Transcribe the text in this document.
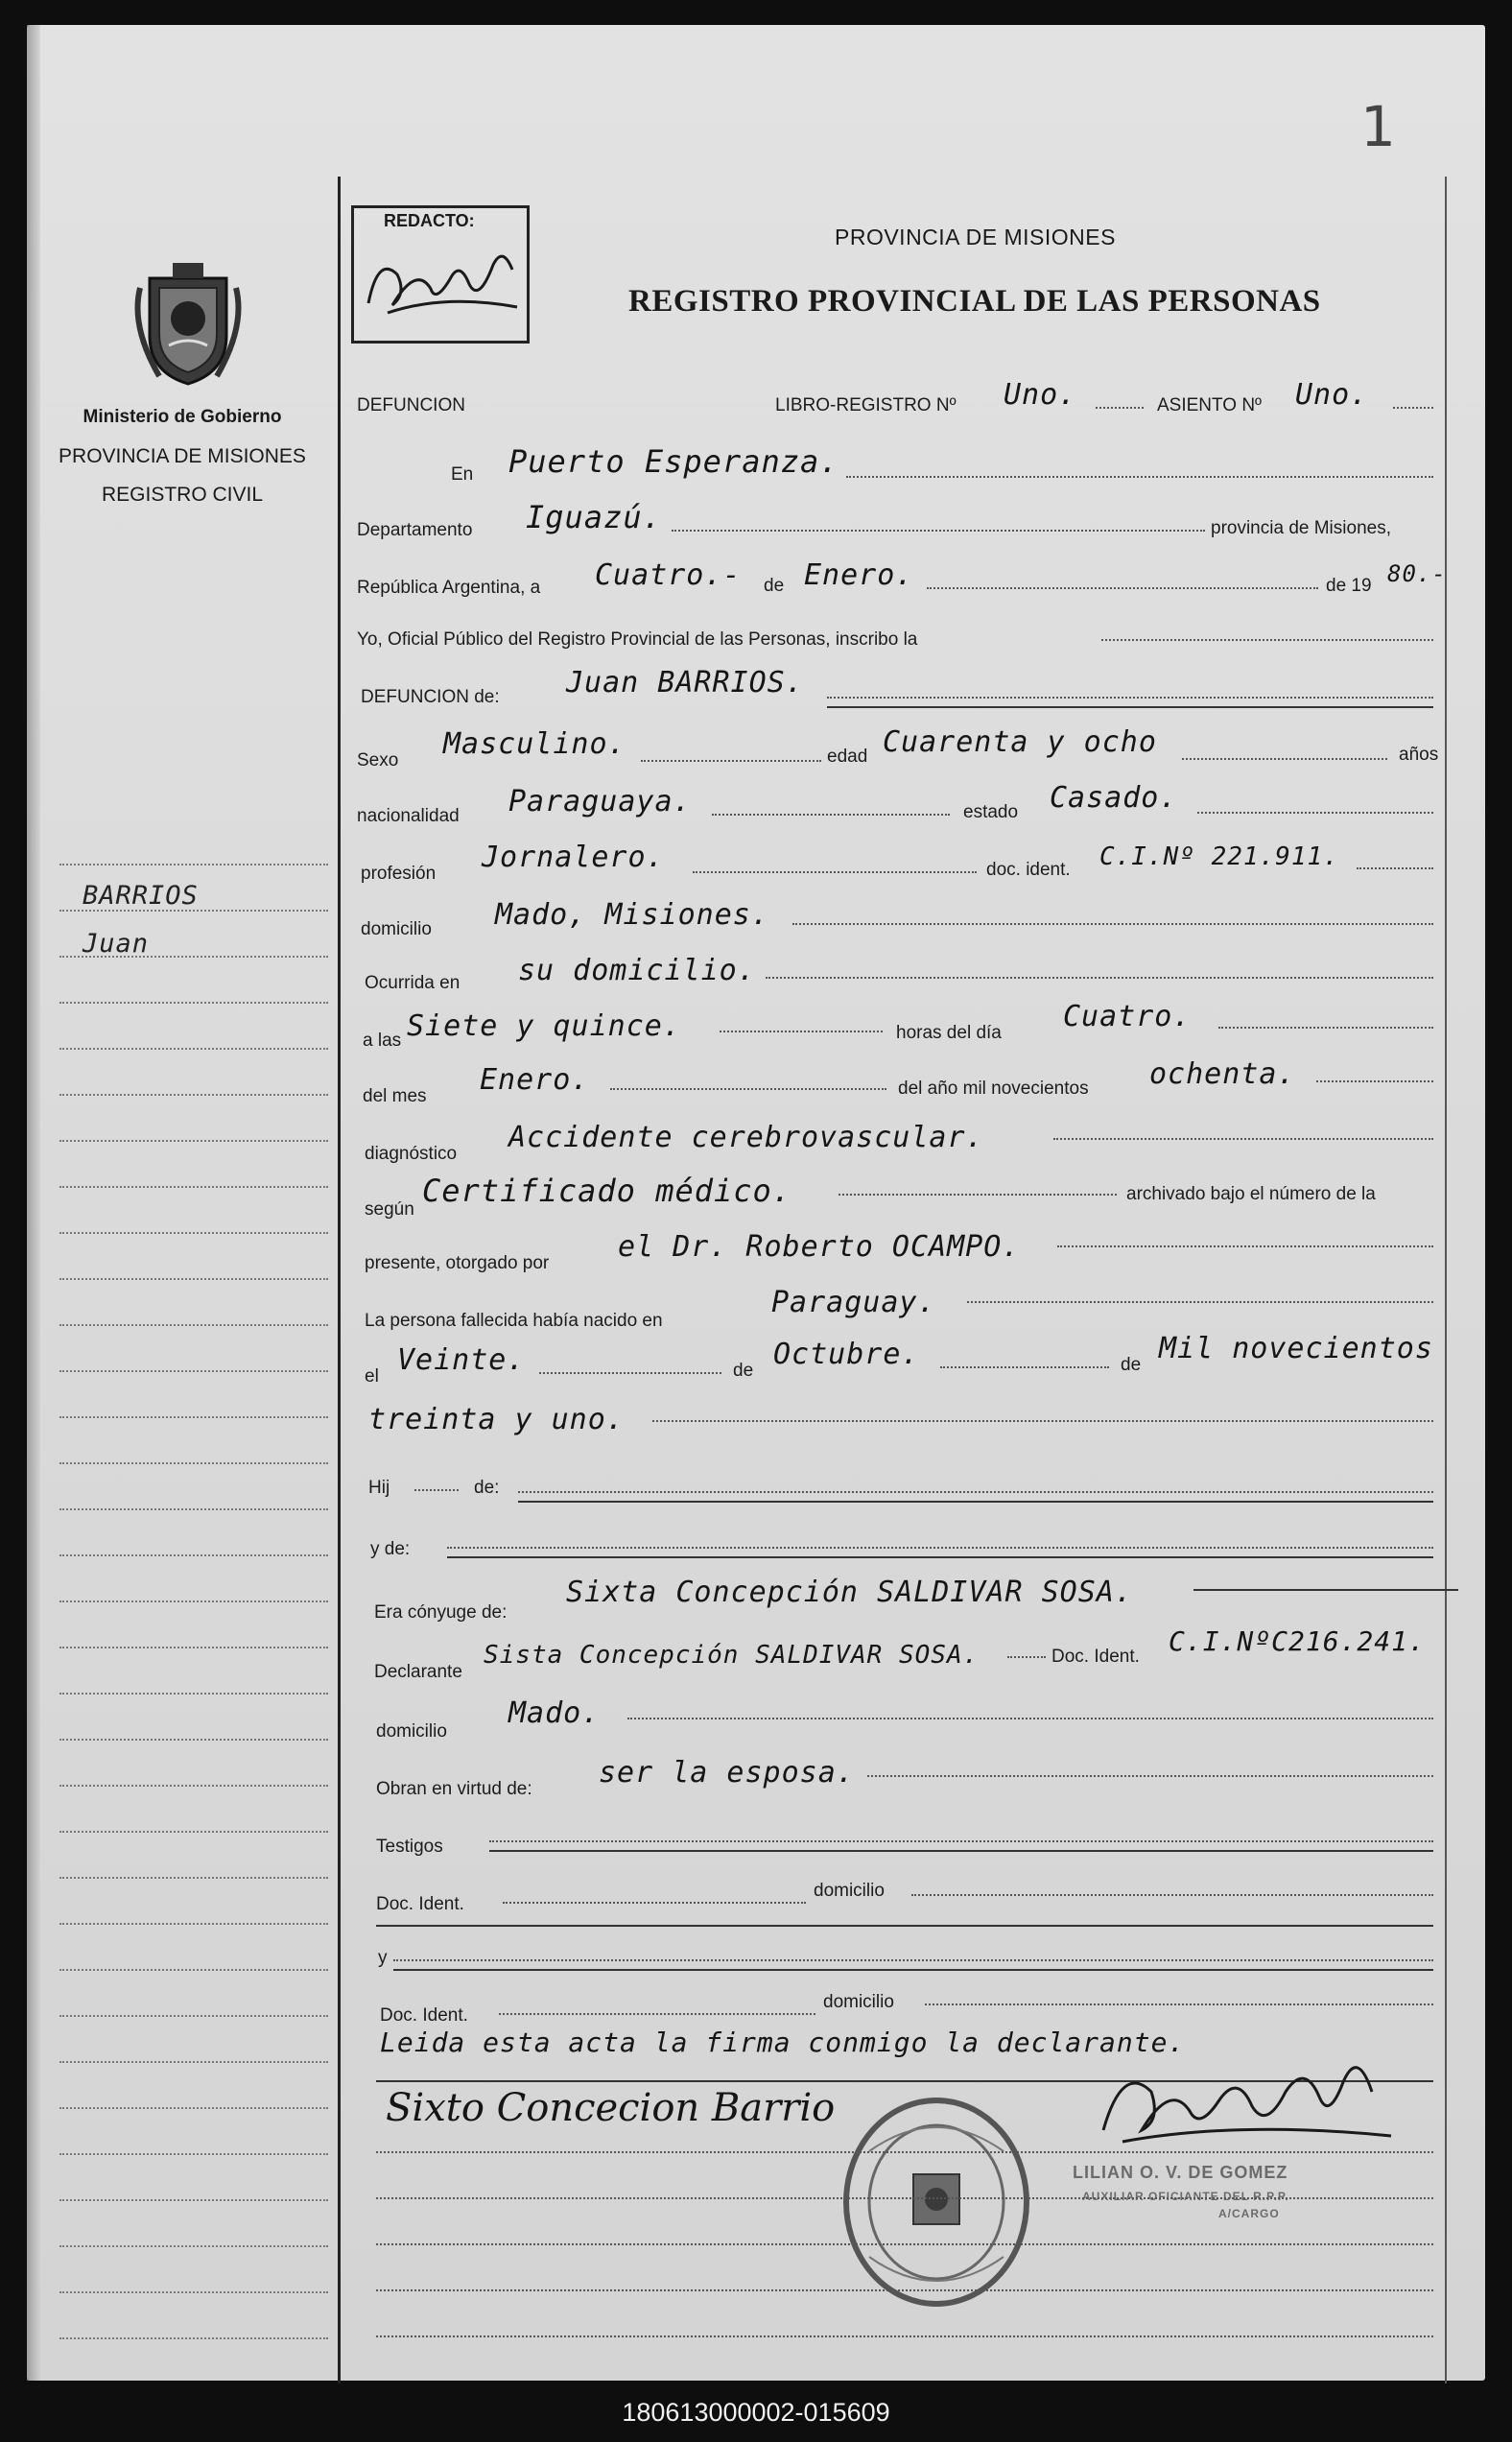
1
Ministerio de Gobierno
PROVINCIA DE MISIONES
REGISTRO CIVIL
BARRIOS
Juan
REDACTO:
PROVINCIA DE MISIONES
REGISTRO PROVINCIAL DE LAS PERSONAS
DEFUNCION	LIBRO-REGISTRO Nº Uno.	ASIENTO Nº Uno.
En Puerto Esperanza.
Departamento Iguazú.	provincia de Misiones,
República Argentina, a Cuatro.- de Enero.	de 19 80.-
Yo, Oficial Público del Registro Provincial de las Personas, inscribo la
DEFUNCION de: Juan BARRIOS.
Sexo Masculino.	edad Cuarenta y ocho	años
nacionalidad Paraguaya.	estado Casado.
profesión Jornalero.	doc. ident. C.I.Nº 221.911.
domicilio Mado, Misiones.
Ocurrida en su domicilio.
a las Siete y quince.	horas del día Cuatro.
del mes Enero.	del año mil novecientos ochenta.
diagnóstico Accidente cerebrovascular.
según
Certificado médico.	archivado bajo el número de la
presente, otorgado por el Dr. Roberto OCAMPO.
La persona fallecida había nacido en
Paraguay.
el Veinte.	de Octubre.	de Mil novecientos
treinta y uno.
Hij	de:
y de:
Era cónyuge de:
Sixta Concepción SALDIVAR SOSA.
Declarante
Sista Concepción SALDIVAR SOSA.	Doc. Ident. C.I.NºC216.241.
domicilio
Mado.
Obran en virtud de: ser la esposa.
Testigos
Doc. Ident.
domicilio
y
Doc. Ident.
domicilio
Leida esta acta la firma conmigo la declarante.
Sixto Concecion Barrio
LILIAN O. V. DE GOMEZ
AUXILIAR OFICIANTE DEL R.P.P.
A/CARGO
180613000002-015609
